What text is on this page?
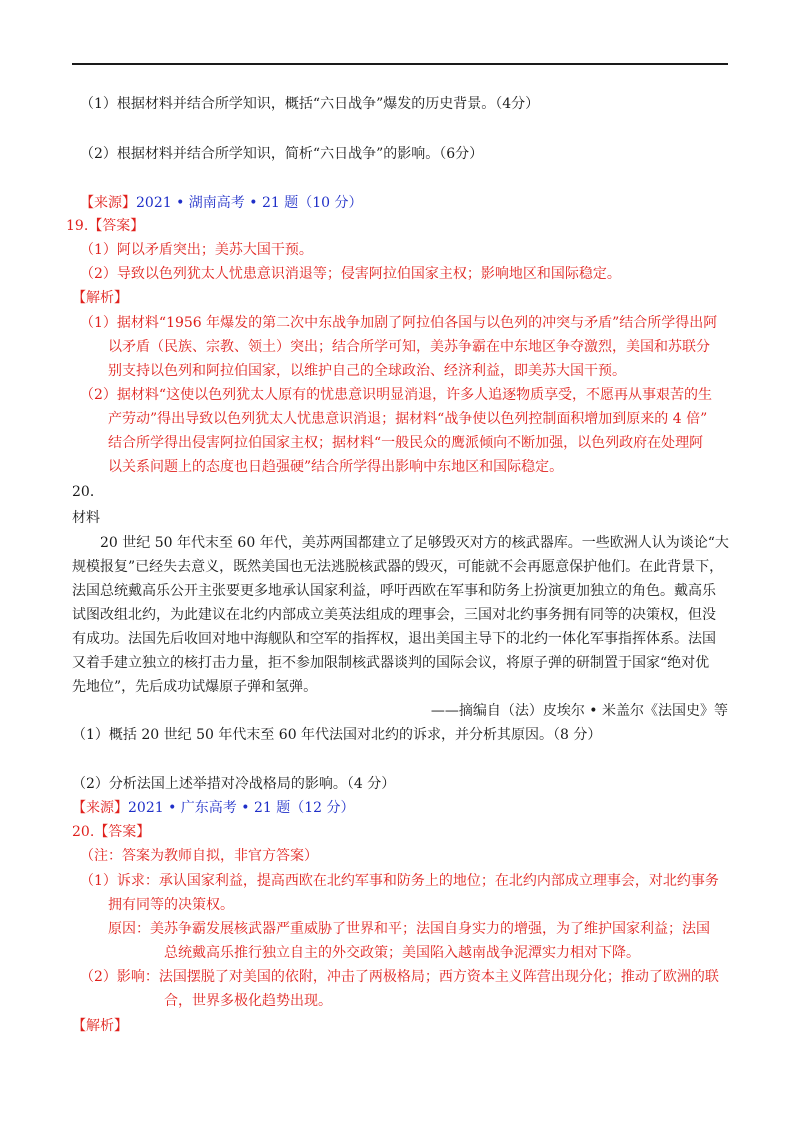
（1）根据材料并结合所学知识，概括“六日战争”爆发的历史背景。（4分）
（2）根据材料并结合所学知识，简析“六日战争”的影响。（6分）
【来源】2021 • 湖南高考 • 21 题（10 分）
19.【答案】
（1）阿以矛盾突出；美苏大国干预。
（2）导致以色列犹太人忧患意识消退等；侵害阿拉伯国家主权；影响地区和国际稳定。
【解析】
（1）据材料“1956 年爆发的第二次中东战争加剧了阿拉伯各国与以色列的冲突与矛盾”结合所学得出阿
以矛盾（民族、宗教、领土）突出；结合所学可知，美苏争霸在中东地区争夺激烈，美国和苏联分
别支持以色列和阿拉伯国家，以维护自己的全球政治、经济利益，即美苏大国干预。
（2）据材料“这使以色列犹太人原有的忧患意识明显消退，许多人追逐物质享受，不愿再从事艰苦的生
产劳动”得出导致以色列犹太人忧患意识消退；据材料“战争使以色列控制面积增加到原来的 4 倍”
结合所学得出侵害阿拉伯国家主权；据材料“一般民众的鹰派倾向不断加强，以色列政府在处理阿
以关系问题上的态度也日趋强硬”结合所学得出影响中东地区和国际稳定。
20．
材料
20 世纪 50 年代末至 60 年代，美苏两国都建立了足够毁灭对方的核武器库。一些欧洲人认为谈论“大
规模报复”已经失去意义，既然美国也无法逃脱核武器的毁灭，可能就不会再愿意保护他们。在此背景下，
法国总统戴高乐公开主张要更多地承认国家利益，呼吁西欧在军事和防务上扮演更加独立的角色。戴高乐
试图改组北约，为此建议在北约内部成立美英法组成的理事会，三国对北约事务拥有同等的决策权，但没
有成功。法国先后收回对地中海舰队和空军的指挥权，退出美国主导下的北约一体化军事指挥体系。法国
又着手建立独立的核打击力量，拒不参加限制核武器谈判的国际会议，将原子弹的研制置于国家“绝对优
先地位”，先后成功试爆原子弹和氢弹。
——摘编自（法）皮埃尔 • 米盖尔《法国史》等
（1）概括 20 世纪 50 年代末至 60 年代法国对北约的诉求，并分析其原因。（8 分）
（2）分析法国上述举措对冷战格局的影响。（4 分）
【来源】2021 • 广东高考 • 21 题（12 分）
20.【答案】
（注：答案为教师自拟，非官方答案）
（1）诉求：承认国家利益，提高西欧在北约军事和防务上的地位；在北约内部成立理事会，对北约事务
拥有同等的决策权。
原因：美苏争霸发展核武器严重威胁了世界和平；法国自身实力的增强，为了维护国家利益；法国
总统戴高乐推行独立自主的外交政策；美国陷入越南战争泥潭实力相对下降。
（2）影响：法国摆脱了对美国的依附，冲击了两极格局；西方资本主义阵营出现分化；推动了欧洲的联
合，世界多极化趋势出现。
【解析】
